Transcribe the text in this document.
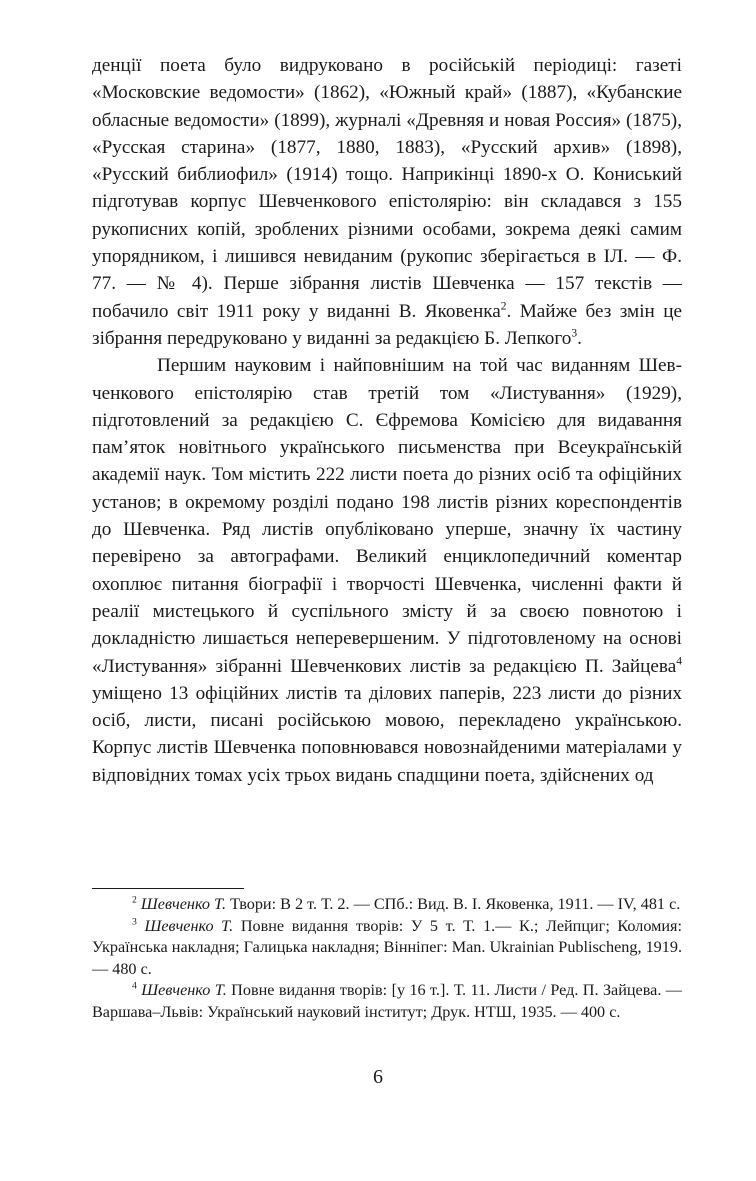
денції поета було видруковано в російській періодиці: газеті «Московские ведомости» (1862), «Южный край» (1887), «Кубанские обласные ведомости» (1899), журналі «Древняя и новая Россия» (1875), «Русская старина» (1877, 1880, 1883), «Русский архив» (1898), «Русский библиофил» (1914) тощо. Наприкінці 1890-х О. Кониський підготував корпус Шевченкового епістолярію: він складався з 155 рукописних копій, зроблених різними особами, зокрема деякі самим упорядником, і лишився невиданим (рукопис зберігається в ІЛ. — Ф. 77. — № 4). Перше зібрання листів Шевченка — 157 текстів — побачило світ 1911 року у виданні В. Яковенка$^2$. Майже без змін це зібрання передруковано у виданні за редакцією Б. Лепкого$^3$.

Першим науковим і найповнішим на той час виданням Шевченкового епістолярію став третій том «Листування» (1929), підготовлений за редакцією С. Єфремова Комісією для видавання пам’яток новітнього українського письменства при Всеукраїнській академії наук. Том містить 222 листи поета до різних осіб та офіційних установ; в окремому розділі подано 198 листів різних кореспондентів до Шевченка. Ряд листів опубліковано уперше, значну їх частину перевірено за автографами. Великий енциклопедичний коментар охоплює питання біографії і творчості Шевченка, численні факти й реалії мистецького й суспільного змісту й за своєю повнотою і докладністю лишається неперевершеним. У підготовленому на основі «Листування» зібранні Шевченкових листів за редакцією П. Зайцева$^4$ уміщено 13 офіційних листів та ділових паперів, 223 листи до різних осіб, листи, писані російською мовою, перекладено українською. Корпус листів Шевченка поповнювався новознайденими матеріалами у відповідних томах усіх трьох видань спадщини поета, здійснених од

$^2$ Шевченко Т. Твори: В 2 т. Т. 2. — СПб.: Вид. В. І. Яковенка, 1911. — IV, 481 с.

$^3$ Шевченко Т. Повне видання творів: У 5 т. Т. 1.— К.; Лейпциг; Коломия: Українська накладня; Галицька накладня; Вінніпег: Man. Ukrainian Publischeng, 1919. — 480 с.

$^4$ Шевченко Т. Повне видання творів: [у 16 т.]. Т. 11. Листи / Ред. П. Зайцева. — Варшава–Львів: Український науковий інститут; Друк. НТШ, 1935. — 400 с.

6
